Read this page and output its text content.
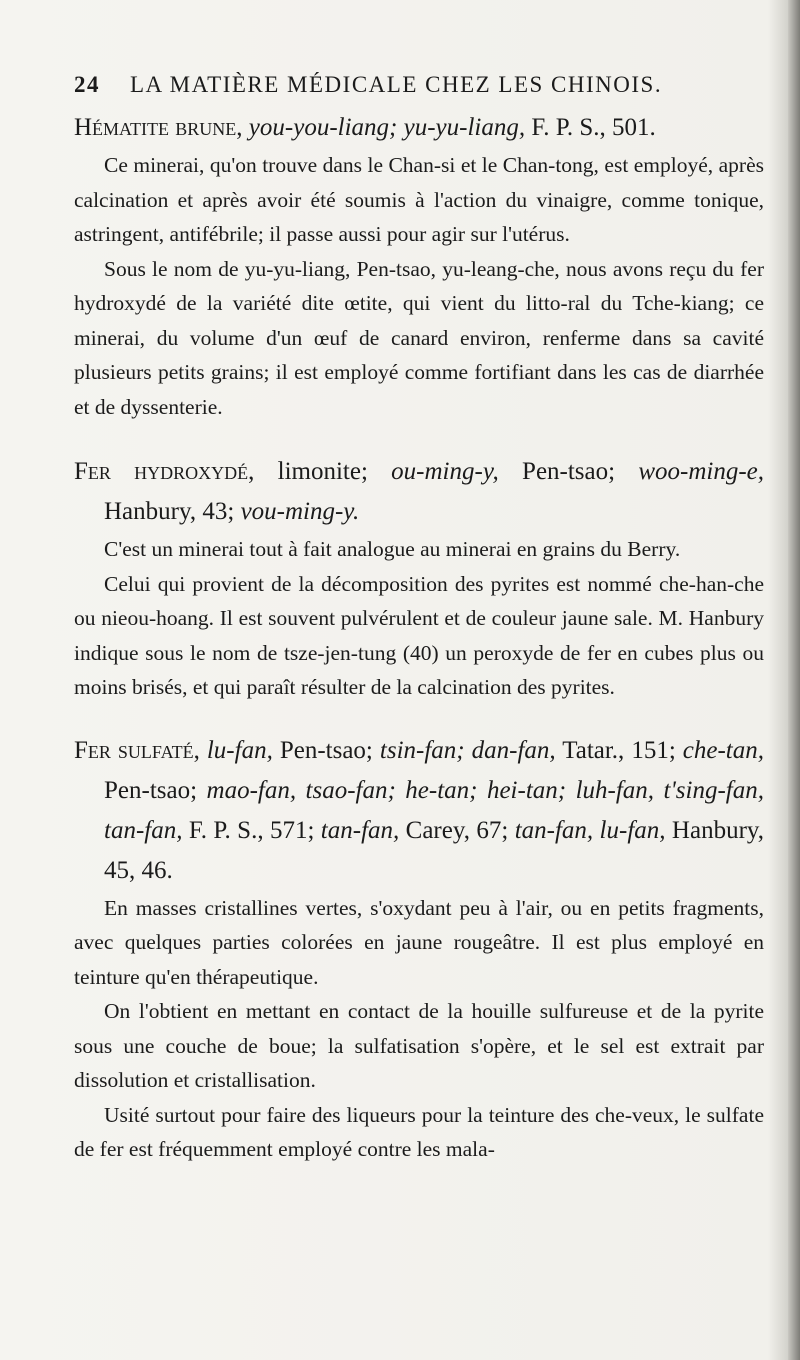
24	LA MATIÈRE MÉDICALE CHEZ LES CHINOIS.

Hématite brune, you-you-liang; yu-yu-liang, F. P. S., 501.

Ce minerai, qu'on trouve dans le Chan-si et le Chan-tong, est employé, après calcination et après avoir été soumis à l'action du vinaigre, comme tonique, astringent, antifébrile; il passe aussi pour agir sur l'utérus.

Sous le nom de yu-yu-liang, Pen-tsao, yu-leang-che, nous avons reçu du fer hydroxydé de la variété dite œtite, qui vient du litto-ral du Tche-kiang; ce minerai, du volume d'un œuf de canard environ, renferme dans sa cavité plusieurs petits grains; il est employé comme fortifiant dans les cas de diarrhée et de dyssenterie.

Fer hydroxydé, limonite; ou-ming-y, Pen-tsao; woo-ming-e, Hanbury, 43; vou-ming-y.

C'est un minerai tout à fait analogue au minerai en grains du Berry.

Celui qui provient de la décomposition des pyrites est nommé che-han-che ou nieou-hoang. Il est souvent pulvérulent et de couleur jaune sale. M. Hanbury indique sous le nom de tsze-jen-tung (40) un peroxyde de fer en cubes plus ou moins brisés, et qui paraît résulter de la calcination des pyrites.

Fer sulfaté, lu-fan, Pen-tsao; tsin-fan; dan-fan, Tatar., 151; che-tan, Pen-tsao; mao-fan, tsao-fan; he-tan; hei-tan; luh-fan, t'sing-fan, tan-fan, F. P. S., 571; tan-fan, Carey, 67; tan-fan, lu-fan, Hanbury, 45, 46.

En masses cristallines vertes, s'oxydant peu à l'air, ou en petits fragments, avec quelques parties colorées en jaune rougeâtre. Il est plus employé en teinture qu'en thérapeutique.

On l'obtient en mettant en contact de la houille sulfureuse et de la pyrite sous une couche de boue; la sulfatisation s'opère, et le sel est extrait par dissolution et cristallisation.

Usité surtout pour faire des liqueurs pour la teinture des che-veux, le sulfate de fer est fréquemment employé contre les mala-
